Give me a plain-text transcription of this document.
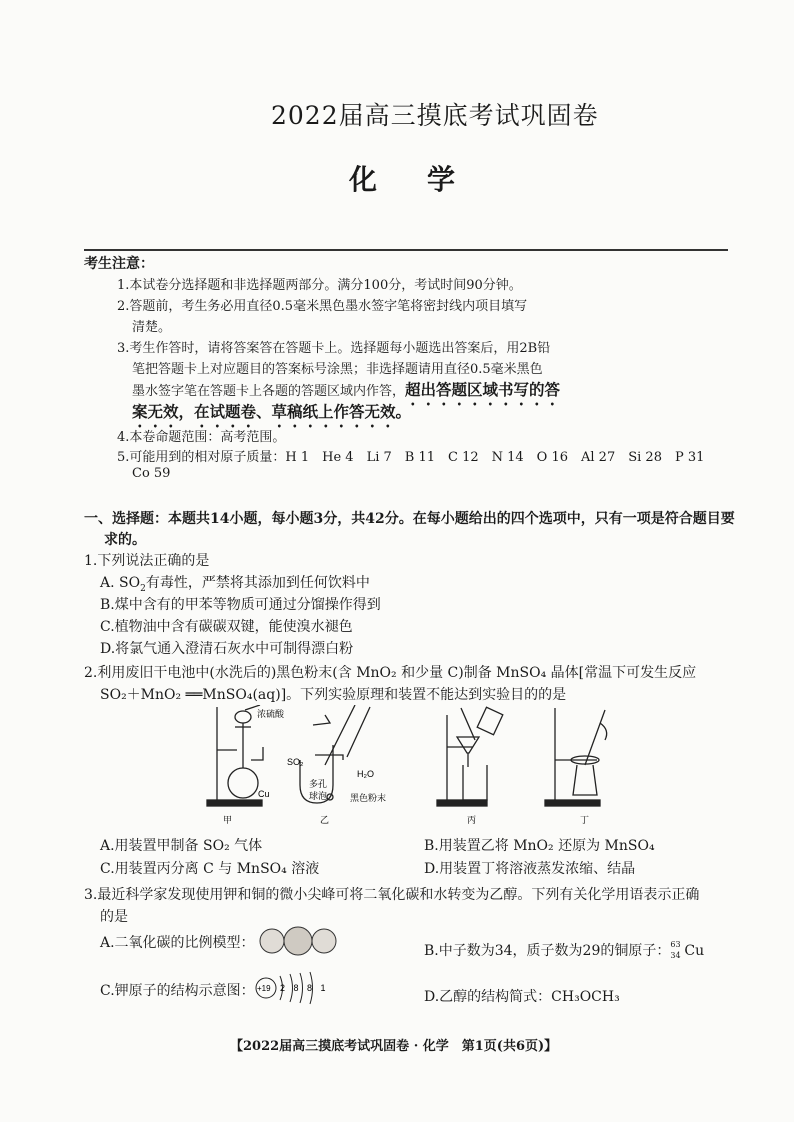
2022届高三摸底考试巩固卷
化学
考生注意：
1.本试卷分选择题和非选择题两部分。满分100分，考试时间90分钟。
2.答题前，考生务必用直径0.5毫米黑色墨水签字笔将密封线内项目填写
清楚。
3.考生作答时，请将答案答在答题卡上。选择题每小题选出答案后，用2B铅
笔把答题卡上对应题目的答案标号涂黑；非选择题请用直径0.5毫米黑色
墨水签字笔在答题卡上各题的答题区域内作答，超出答题区域书写的答
案无效，在试题卷、草稿纸上作答无效。
4.本卷命题范围：高考范围。
5.可能用到的相对原子质量：H 1　He 4　Li 7　B 11　C 12　N 14　O 16　Al 27　Si 28　P 31
Co 59
一、选择题：本题共14小题，每小题3分，共42分。在每小题给出的四个选项中，只有一项是符合题目要
求的。
1.下列说法正确的是
A. $SO_2$有毒性，严禁将其添加到任何饮料中
B.煤中含有的甲苯等物质可通过分馏操作得到
C.植物油中含有碳碳双键，能使溴水褪色
D.将氯气通入澄清石灰水中可制得漂白粉
2.利用废旧干电池中(水洗后的)黑色粉末(含 MnO₂ 和少量 C)制备 MnSO₄ 晶体[常温下可发生反应
SO₂＋MnO₂ ══MnSO₄(aq)]。下列实验原理和装置不能达到实验目的的是
浓硫酸
Cu
SO₂
多孔
球泡
H₂O
黑色粉末
甲	乙	丙	丁
A.用装置甲制备 SO₂ 气体	B.用装置乙将 MnO₂ 还原为 MnSO₄
C.用装置丙分离 C 与 MnSO₄ 溶液	D.用装置丁将溶液蒸发浓缩、结晶
3.最近科学家发现使用钾和铜的微小尖峰可将二氧化碳和水转变为乙醇。下列有关化学用语表示正确
的是
A.二氧化碳的比例模型：	B.中子数为34，质子数为29的铜原子： 63
34 Cu
C.钾原子的结构示意图： +19 2 8 8 1
D.乙醇的结构简式：CH₃OCH₃
【2022届高三摸底考试巩固卷 · 化学　第1页(共6页)】
